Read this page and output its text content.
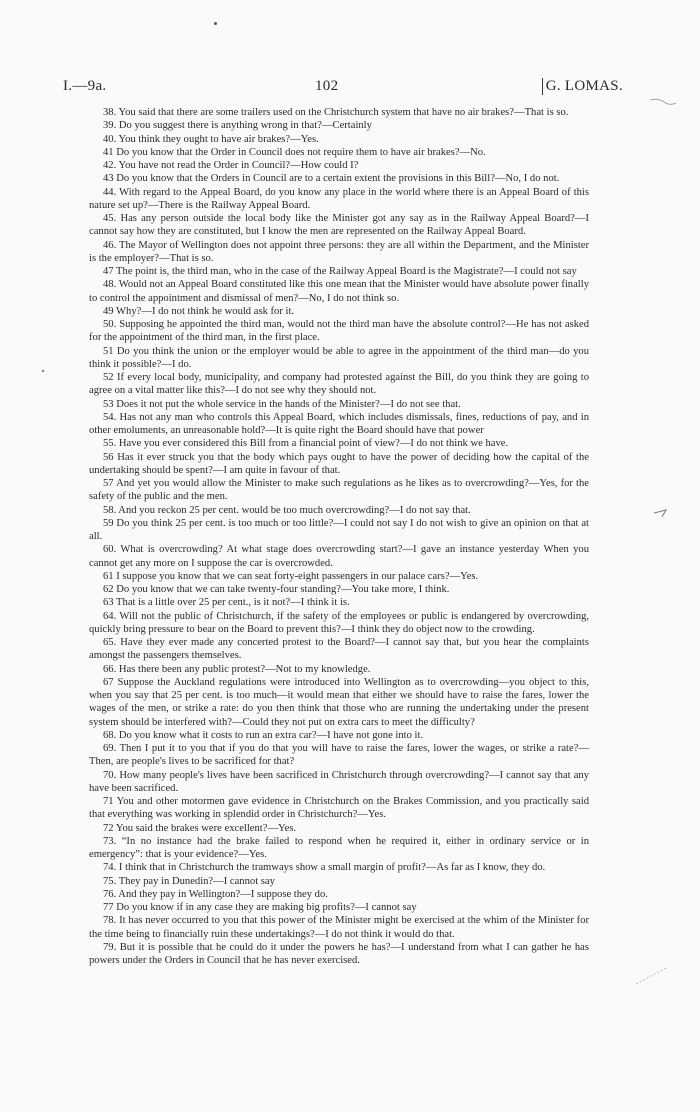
I.—9a.	102	G. LOMAS.

38. You said that there are some trailers used on the Christchurch system that have no air brakes?—That is so.

39. Do you suggest there is anything wrong in that?—Certainly

40. You think they ought to have air brakes?—Yes.

41 Do you know that the Order in Council does not require them to have air brakes?—No.

42. You have not read the Order in Council?—How could I?

43 Do you know that the Orders in Council are to a certain extent the provisions in this Bill?—No, I do not.

44. With regard to the Appeal Board, do you know any place in the world where there is an Appeal Board of this nature set up?—There is the Railway Appeal Board.

45. Has any person outside the local body like the Minister got any say as in the Railway Appeal Board?—I cannot say how they are constituted, but I know the men are represented on the Railway Appeal Board.

46. The Mayor of Wellington does not appoint three persons: they are all within the Department, and the Minister is the employer?—That is so.

47 The point is, the third man, who in the case of the Railway Appeal Board is the Magistrate?—I could not say

48. Would not an Appeal Board constituted like this one mean that the Minister would have absolute power finally to control the appointment and dismissal of men?—No, I do not think so.

49 Why?—I do not think he would ask for it.

50. Supposing he appointed the third man, would not the third man have the absolute control?—He has not asked for the appointment of the third man, in the first place.

51 Do you think the union or the employer would be able to agree in the appointment of the third man—do you think it possible?—I do.

52 If every local body, municipality, and company had protested against the Bill, do you think they are going to agree on a vital matter like this?—I do not see why they should not.

53 Does it not put the whole service in the hands of the Minister?—I do not see that.

54. Has not any man who controls this Appeal Board, which includes dismissals, fines, reductions of pay, and in other emoluments, an unreasonable hold?—It is quite right the Board should have that power

55. Have you ever considered this Bill from a financial point of view?—I do not think we have.

56 Has it ever struck you that the body which pays ought to have the power of deciding how the capital of the undertaking should be spent?—I am quite in favour of that.

57 And yet you would allow the Minister to make such regulations as he likes as to overcrowding?—Yes, for the safety of the public and the men.

58. And you reckon 25 per cent. would be too much overcrowding?—I do not say that.

59 Do you think 25 per cent. is too much or too little?—I could not say I do not wish to give an opinion on that at all.

60. What is overcrowding? At what stage does overcrowding start?—I gave an instance yesterday When you cannot get any more on I suppose the car is overcrowded.

61 I suppose you know that we can seat forty-eight passengers in our palace cars?—Yes.

62 Do you know that we can take twenty-four standing?—You take more, I think.

63 That is a little over 25 per cent., is it not?—I think it is.

64. Will not the public of Christchurch, if the safety of the employees or public is endangered by overcrowding, quickly bring pressure to bear on the Board to prevent this?—I think they do object now to the crowding.

65. Have they ever made any concerted protest to the Board?—I cannot say that, but you hear the complaints amongst the passengers themselves.

66. Has there been any public protest?—Not to my knowledge.

67 Suppose the Auckland regulations were introduced into Wellington as to overcrowding—you object to this, when you say that 25 per cent. is too much—it would mean that either we should have to raise the fares, lower the wages of the men, or strike a rate: do you then think that those who are running the undertaking under the present system should be interfered with?—Could they not put on extra cars to meet the difficulty?

68. Do you know what it costs to run an extra car?—I have not gone into it.

69. Then I put it to you that if you do that you will have to raise the fares, lower the wages, or strike a rate?—Then, are people's lives to be sacrificed for that?

70. How many people's lives have been sacrificed in Christchurch through overcrowding?—I cannot say that any have been sacrificed.

71 You and other motormen gave evidence in Christchurch on the Brakes Commission, and you practically said that everything was working in splendid order in Christchurch?—Yes.

72 You said the brakes were excellent?—Yes.

73. “In no instance had the brake failed to respond when he required it, either in ordinary service or in emergency”: that is your evidence?—Yes.

74. I think that in Christchurch the tramways show a small margin of profit?—As far as I know, they do.

75. They pay in Dunedin?—I cannot say

76. And they pay in Wellington?—I suppose they do.

77 Do you know if in any case they are making big profits?—I cannot say

78. It has never occurred to you that this power of the Minister might be exercised at the whim of the Minister for the time being to financially ruin these undertakings?—I do not think it would do that.

79. But it is possible that he could do it under the powers he has?—I understand from what I can gather he has powers under the Orders in Council that he has never exercised.
